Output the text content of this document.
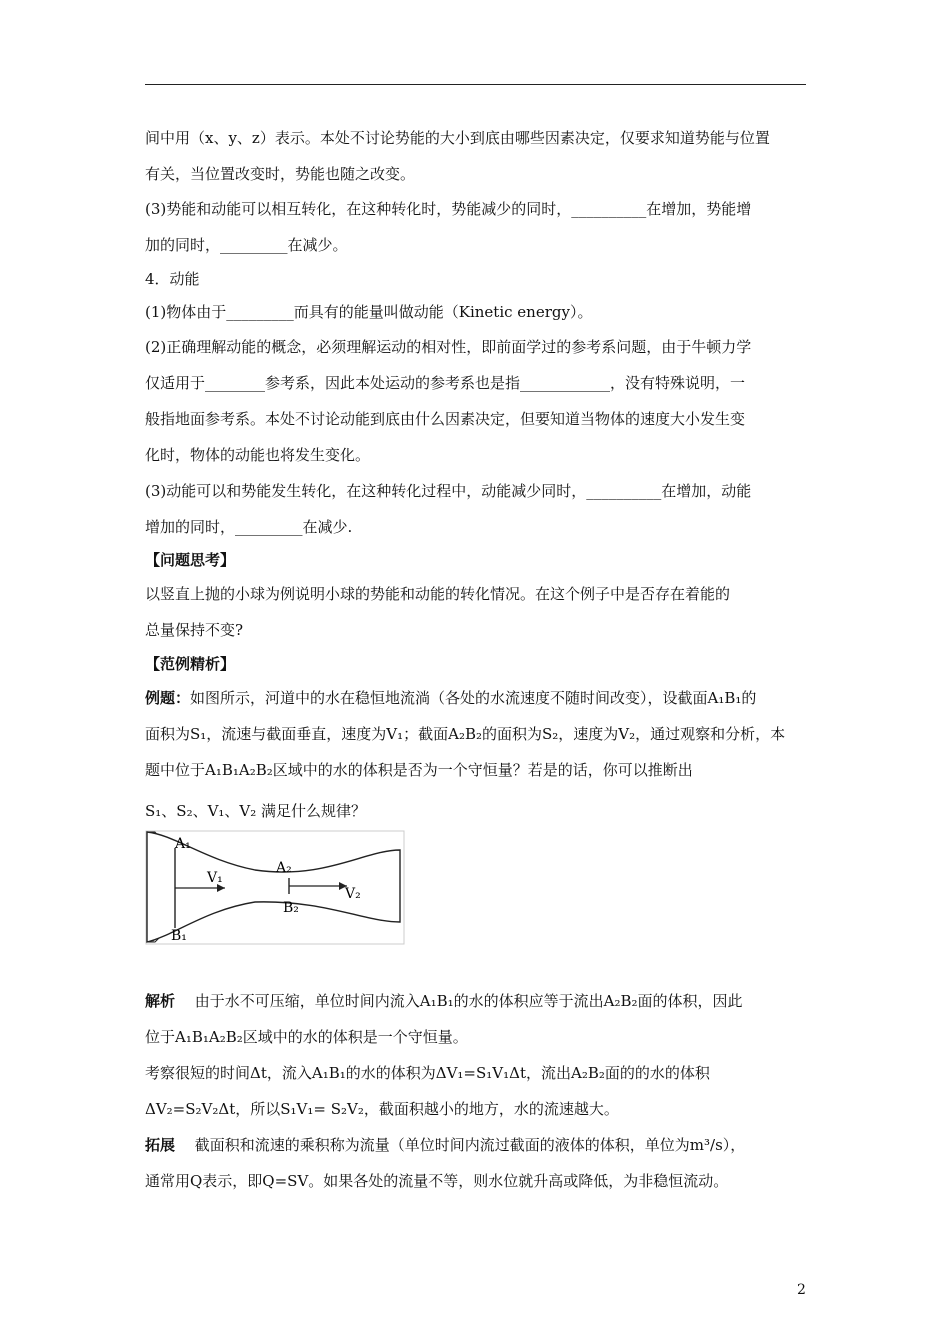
间中用（x、y、z）表示。本处不讨论势能的大小到底由哪些因素决定，仅要求知道势能与位置
有关，当位置改变时，势能也随之改变。
(3)势能和动能可以相互转化，在这种转化时，势能减少的同时，__________在增加，势能增
加的同时，_________在减少。
4．动能
(1)物体由于_________而具有的能量叫做动能（Kinetic energy）。
(2)正确理解动能的概念，必须理解运动的相对性，即前面学过的参考系问题，由于牛顿力学
仅适用于________参考系，因此本处运动的参考系也是指____________，没有特殊说明，一
般指地面参考系。本处不讨论动能到底由什么因素决定，但要知道当物体的速度大小发生变
化时，物体的动能也将发生变化。
(3)动能可以和势能发生转化，在这种转化过程中，动能减少同时，__________在增加，动能
增加的同时，_________在减少.
【问题思考】
以竖直上抛的小球为例说明小球的势能和动能的转化情况。在这个例子中是否存在着能的
总量保持不变?
【范例精析】
例题：如图所示，河道中的水在稳恒地流淌（各处的水流速度不随时间改变），设截面A₁B₁的
面积为S₁，流速与截面垂直，速度为V₁；截面A₂B₂的面积为S₂，速度为V₂，通过观察和分析，本
题中位于A₁B₁A₂B₂区域中的水的体积是否为一个守恒量？若是的话，你可以推断出
S₁、S₂、V₁、V₂ 满足什么规律？
A₁
B₁
A₂
B₂
V₁
V₂
解析　 由于水不可压缩，单位时间内流入A₁B₁的水的体积应等于流出A₂B₂面的体积，因此
位于A₁B₁A₂B₂区域中的水的体积是一个守恒量。
考察很短的时间Δt，流入A₁B₁的水的体积为ΔV₁=S₁V₁Δt，流出A₂B₂面的的水的体积
ΔV₂=S₂V₂Δt，所以S₁V₁= S₂V₂，截面积越小的地方，水的流速越大。
拓展　 截面积和流速的乘积称为流量（单位时间内流过截面的液体的体积，单位为m³/s），
通常用Q表示，即Q=SV。如果各处的流量不等，则水位就升高或降低，为非稳恒流动。
2
